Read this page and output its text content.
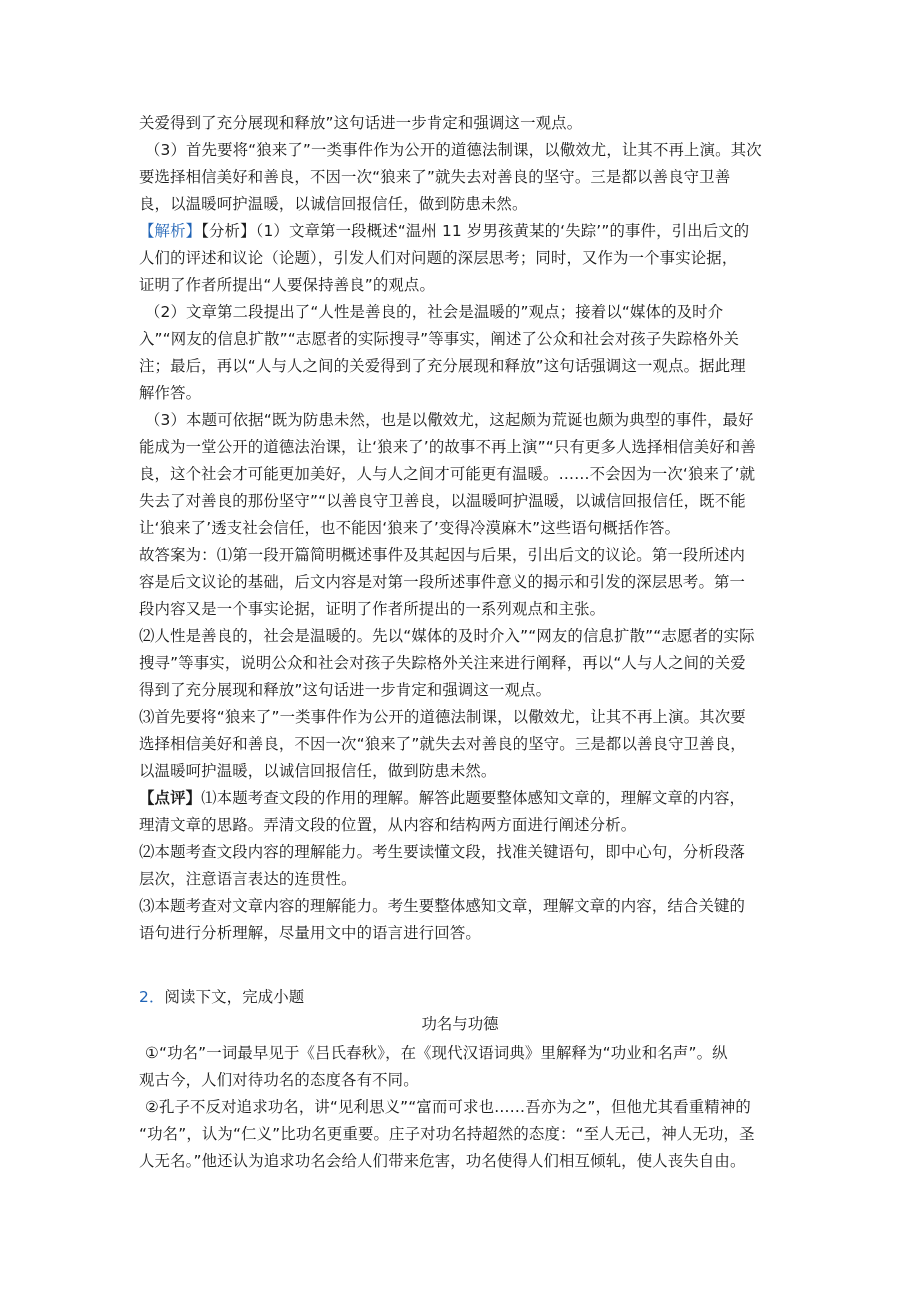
关爱得到了充分展现和释放”这句话进一步肯定和强调这一观点。
（3）首先要将“狼来了”一类事件作为公开的道德法制课，以儆效尤，让其不再上演。其次
要选择相信美好和善良，不因一次“狼来了”就失去对善良的坚守。三是都以善良守卫善
良，以温暖呵护温暖，以诚信回报信任，做到防患未然。
【解析】【分析】（1）文章第一段概述“温州 11 岁男孩黄某的‘失踪’”的事件，引出后文的
人们的评述和议论（论题），引发人们对问题的深层思考；同时，又作为一个事实论据，
证明了作者所提出“人要保持善良”的观点。
（2）文章第二段提出了“人性是善良的，社会是温暖的”观点；接着以“媒体的及时介
入”“网友的信息扩散”“志愿者的实际搜寻”等事实，阐述了公众和社会对孩子失踪格外关
注；最后，再以“人与人之间的关爱得到了充分展现和释放”这句话强调这一观点。据此理
解作答。
（3）本题可依据“既为防患未然，也是以儆效尤，这起颇为荒诞也颇为典型的事件，最好
能成为一堂公开的道德法治课，让‘狼来了’的故事不再上演”“只有更多人选择相信美好和善
良，这个社会才可能更加美好，人与人之间才可能更有温暖。……不会因为一次‘狼来了’就
失去了对善良的那份坚守”“以善良守卫善良，以温暖呵护温暖，以诚信回报信任，既不能
让‘狼来了’透支社会信任，也不能因‘狼来了’变得冷漠麻木”这些语句概括作答。
故答案为：⑴第一段开篇简明概述事件及其起因与后果，引出后文的议论。第一段所述内
容是后文议论的基础，后文内容是对第一段所述事件意义的揭示和引发的深层思考。第一
段内容又是一个事实论据，证明了作者所提出的一系列观点和主张。
⑵人性是善良的，社会是温暖的。先以“媒体的及时介入”“网友的信息扩散”“志愿者的实际
搜寻”等事实，说明公众和社会对孩子失踪格外关注来进行阐释，再以“人与人之间的关爱
得到了充分展现和释放”这句话进一步肯定和强调这一观点。
⑶首先要将“狼来了”一类事件作为公开的道德法制课，以儆效尤，让其不再上演。其次要
选择相信美好和善良，不因一次“狼来了”就失去对善良的坚守。三是都以善良守卫善良，
以温暖呵护温暖，以诚信回报信任，做到防患未然。
【点评】⑴本题考查文段的作用的理解。解答此题要整体感知文章的，理解文章的内容，
理清文章的思路。弄清文段的位置，从内容和结构两方面进行阐述分析。
⑵本题考查文段内容的理解能力。考生要读懂文段，找准关键语句，即中心句，分析段落
层次，注意语言表达的连贯性。
⑶本题考查对文章内容的理解能力。考生要整体感知文章，理解文章的内容，结合关键的
语句进行分析理解，尽量用文中的语言进行回答。
2．阅读下文，完成小题
功名与功德
①“功名”一词最早见于《吕氏春秋》，在《现代汉语词典》里解释为“功业和名声”。纵
观古今，人们对待功名的态度各有不同。
②孔子不反对追求功名，讲“见利思义”“富而可求也……吾亦为之”，但他尤其看重精神的
“功名”，认为“仁义”比功名更重要。庄子对功名持超然的态度：“至人无己，神人无功，圣
人无名。”他还认为追求功名会给人们带来危害，功名使得人们相互倾轧，使人丧失自由。
